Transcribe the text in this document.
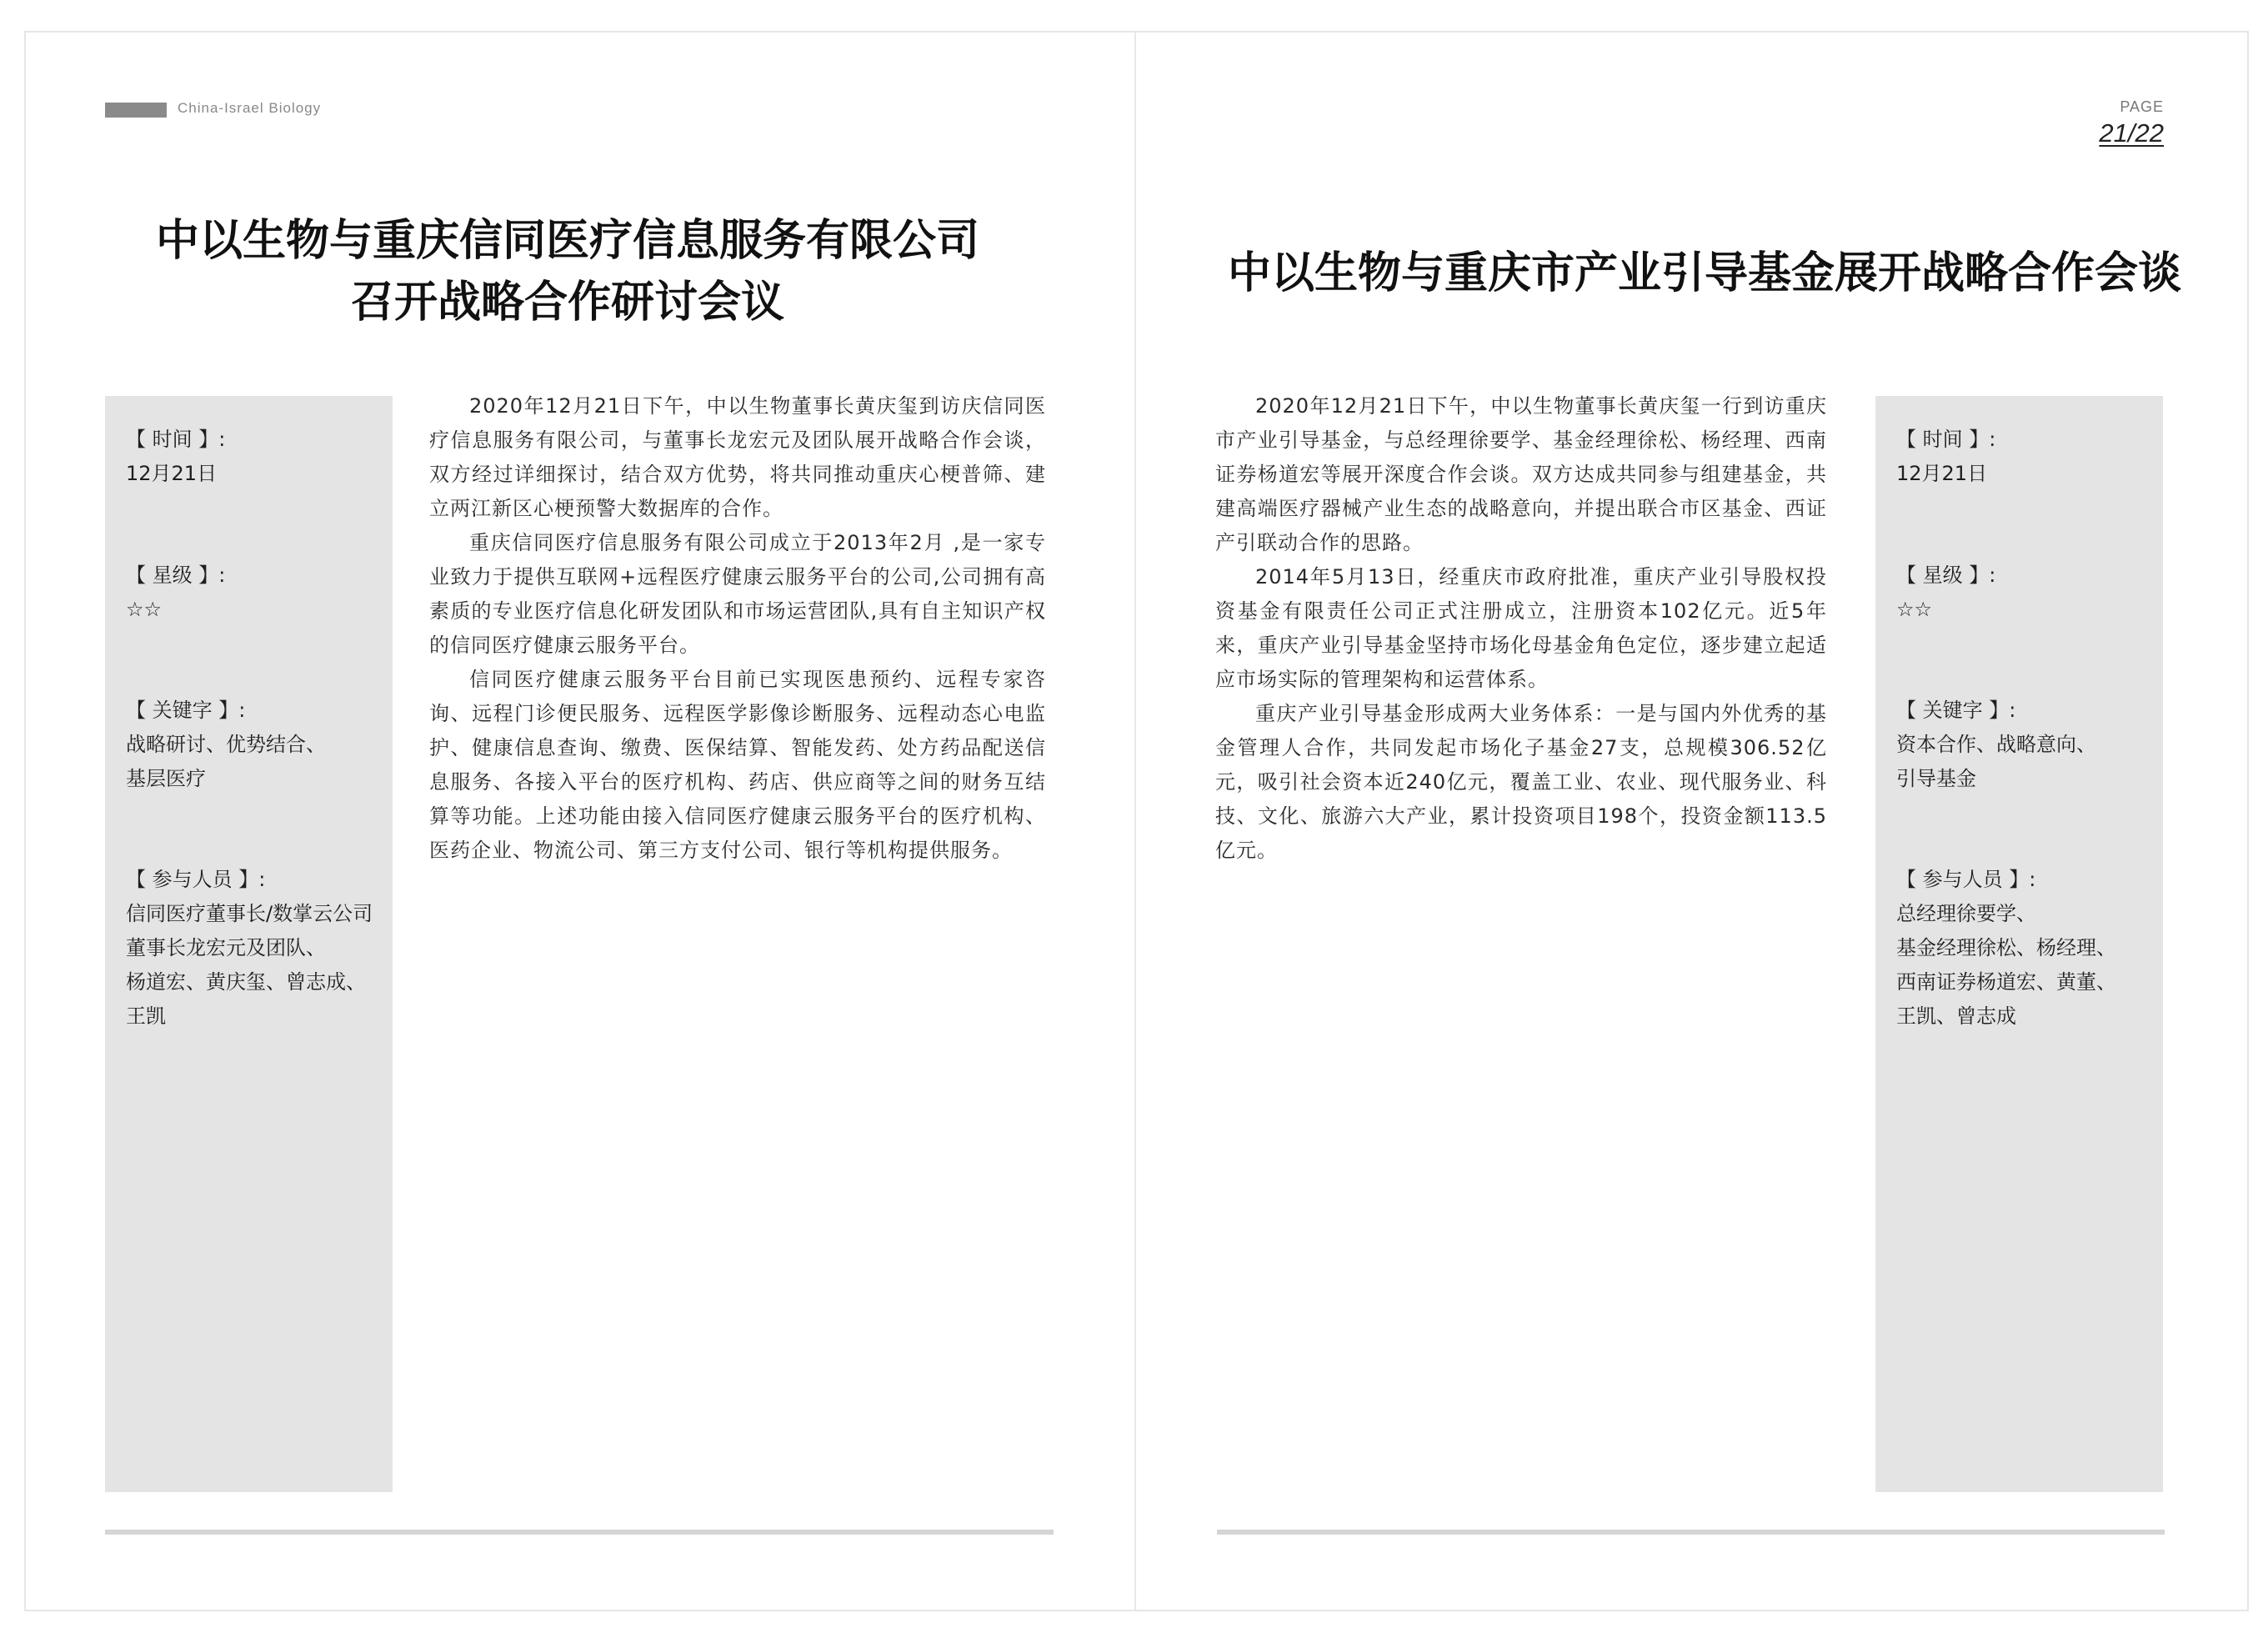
China-Israel Biology	PAGE
21/22
中以生物与重庆信同医疗信息服务有限公司
召开战略合作研讨会议
【 时间 】:
12月21日
【 星级 】:
☆☆
【 关键字 】:
战略研讨、优势结合、
基层医疗
【 参与人员 】:
信同医疗董事长/数掌云公司
董事长龙宏元及团队、
杨道宏、黄庆玺、曾志成、
王凯

2020年12月21日下午，中以生物董事长黄庆玺到访庆信同医疗信息服务有限公司，与董事长龙宏元及团队展开战略合作会谈，双方经过详细探讨，结合双方优势，将共同推动重庆心梗普筛、建立两江新区心梗预警大数据库的合作。

重庆信同医疗信息服务有限公司成立于2013年2月 ,是一家专业致力于提供互联网+远程医疗健康云服务平台的公司,公司拥有高素质的专业医疗信息化研发团队和市场运营团队,具有自主知识产权的信同医疗健康云服务平台。

信同医疗健康云服务平台目前已实现医患预约、远程专家咨询、远程门诊便民服务、远程医学影像诊断服务、远程动态心电监护、健康信息查询、缴费、医保结算、智能发药、处方药品配送信息服务、各接入平台的医疗机构、药店、供应商等之间的财务互结算等功能。上述功能由接入信同医疗健康云服务平台的医疗机构、医药企业、物流公司、第三方支付公司、银行等机构提供服务。

中以生物与重庆市产业引导基金展开战略合作会谈

2020年12月21日下午，中以生物董事长黄庆玺一行到访重庆市产业引导基金，与总经理徐要学、基金经理徐松、杨经理、西南证券杨道宏等展开深度合作会谈。双方达成共同参与组建基金，共建高端医疗器械产业生态的战略意向，并提出联合市区基金、西证产引联动合作的思路。

2014年5月13日，经重庆市政府批准，重庆产业引导股权投资基金有限责任公司正式注册成立，注册资本102亿元。近5年来，重庆产业引导基金坚持市场化母基金角色定位，逐步建立起适应市场实际的管理架构和运营体系。

重庆产业引导基金形成两大业务体系：一是与国内外优秀的基金管理人合作，共同发起市场化子基金27支，总规模306.52亿元，吸引社会资本近240亿元，覆盖工业、农业、现代服务业、科技、文化、旅游六大产业，累计投资项目198个，投资金额113.5亿元。

【 时间 】:
12月21日
【 星级 】:
☆☆
【 关键字 】:
资本合作、战略意向、
引导基金
【 参与人员 】:
总经理徐要学、
基金经理徐松、杨经理、
西南证券杨道宏、黄董、
王凯、曾志成
